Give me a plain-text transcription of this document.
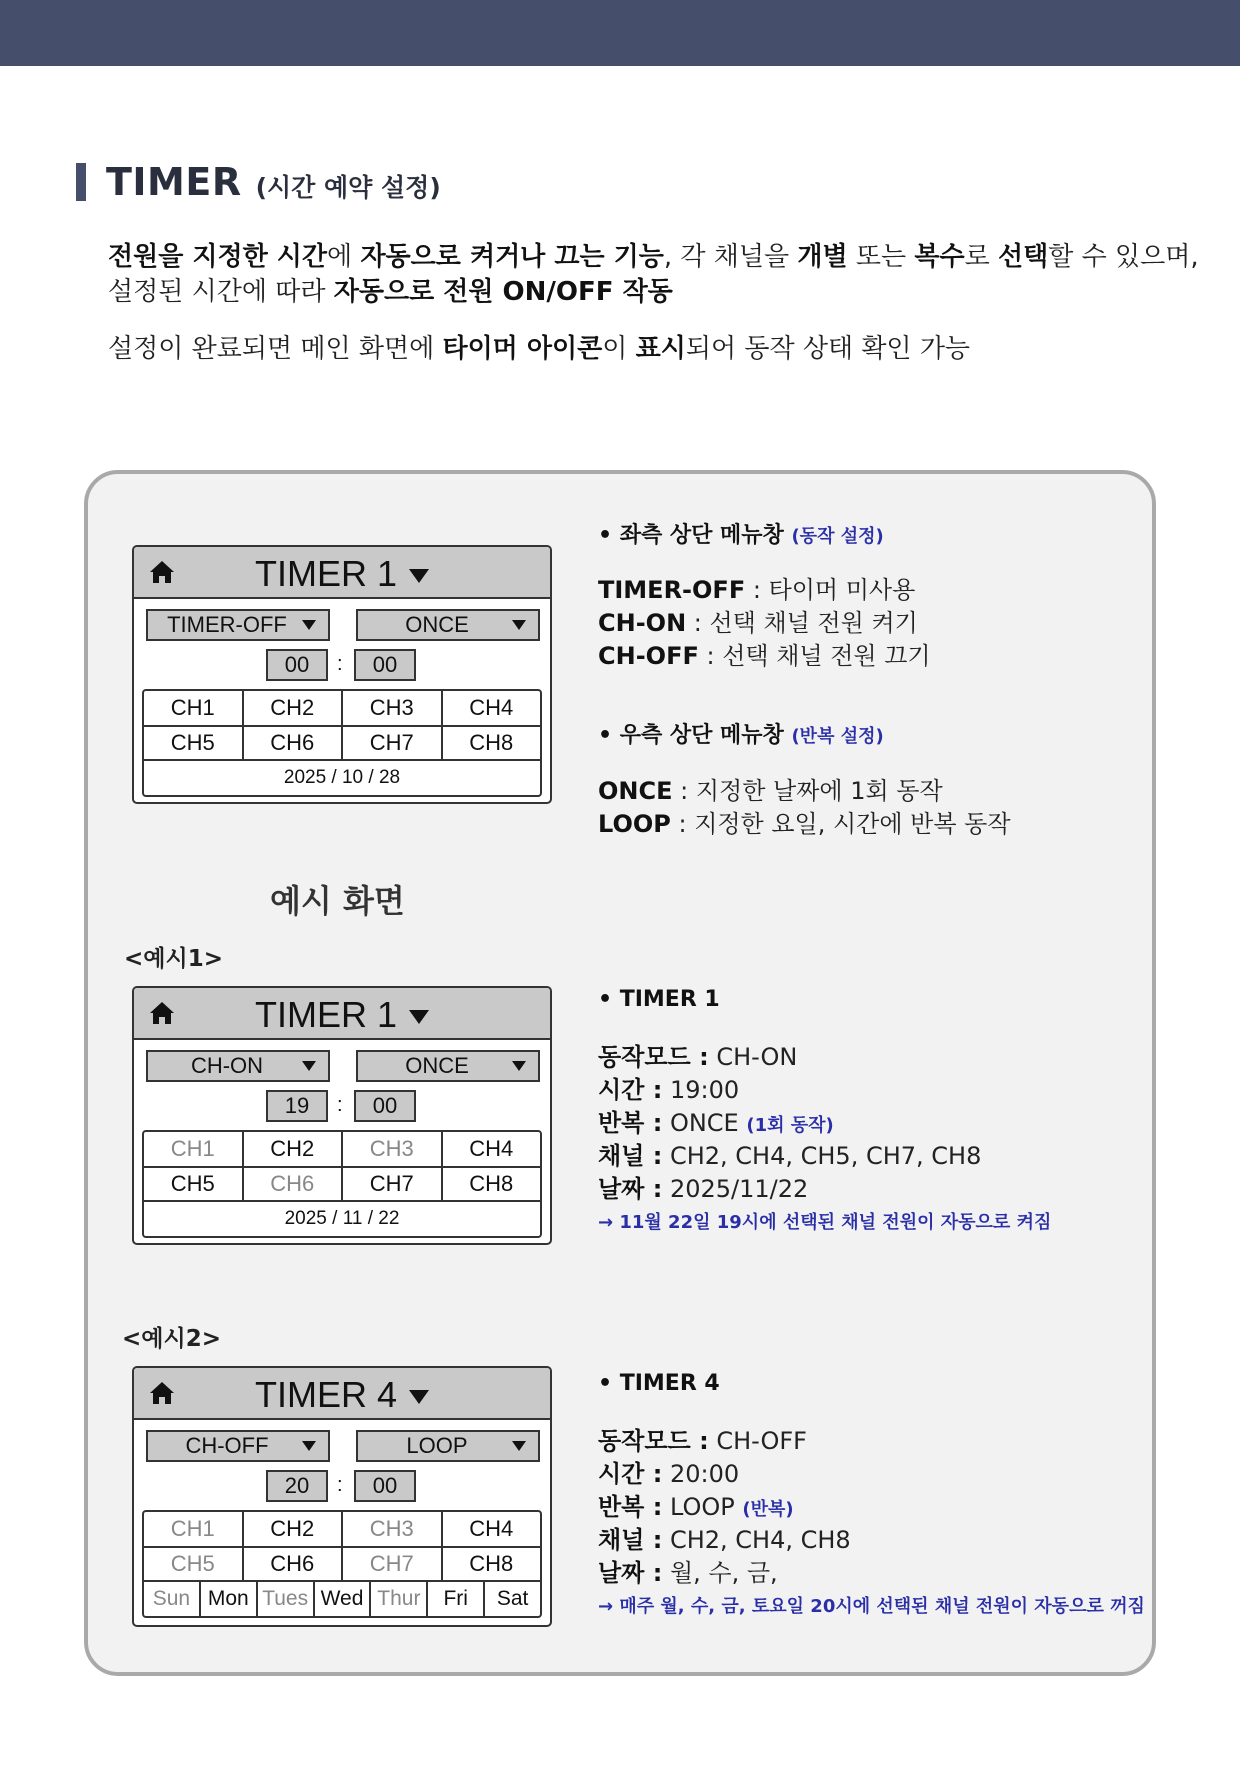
TIMER (시간 예약 설정)
전원을 지정한 시간에 자동으로 켜거나 끄는 기능, 각 채널을 개별 또는 복수로 선택할 수 있으며,
설정된 시간에 따라 자동으로 전원 ON/OFF 작동
설정이 완료되면 메인 화면에 타이머 아이콘이 표시되어 동작 상태 확인 가능
TIMER 1
TIMER-OFF	ONCE
00	:	00
CH1	CH2	CH3	CH4
CH5	CH6	CH7	CH8
2025 / 10 / 28
• 좌측 상단 메뉴창 (동작 설정)
TIMER-OFF : 타이머 미사용
CH-ON : 선택 채널 전원 켜기
CH-OFF : 선택 채널 전원 끄기
• 우측 상단 메뉴창 (반복 설정)
ONCE : 지정한 날짜에 1회 동작
LOOP : 지정한 요일, 시간에 반복 동작
예시 화면
<예시1>
TIMER 1
CH-ON	ONCE
19	:	00
CH1	CH2	CH3	CH4
CH5	CH6	CH7	CH8
2025 / 11 / 22
• TIMER 1
동작모드 : CH-ON
시간 : 19:00
반복 : ONCE (1회 동작)
채널 : CH2, CH4, CH5, CH7, CH8
날짜 : 2025/11/22
→ 11월 22일 19시에 선택된 채널 전원이 자동으로 켜짐
<예시2>
TIMER 4
CH-OFF	LOOP
20	:	00
CH1	CH2	CH3	CH4
CH5	CH6	CH7	CH8
Sun Mon Tues Wed Thur	Fri	Sat
• TIMER 4
동작모드 : CH-OFF
시간 : 20:00
반복 : LOOP (반복)
채널 : CH2, CH4, CH8
날짜 : 월, 수, 금,
→ 매주 월, 수, 금, 토요일 20시에 선택된 채널 전원이 자동으로 꺼짐
